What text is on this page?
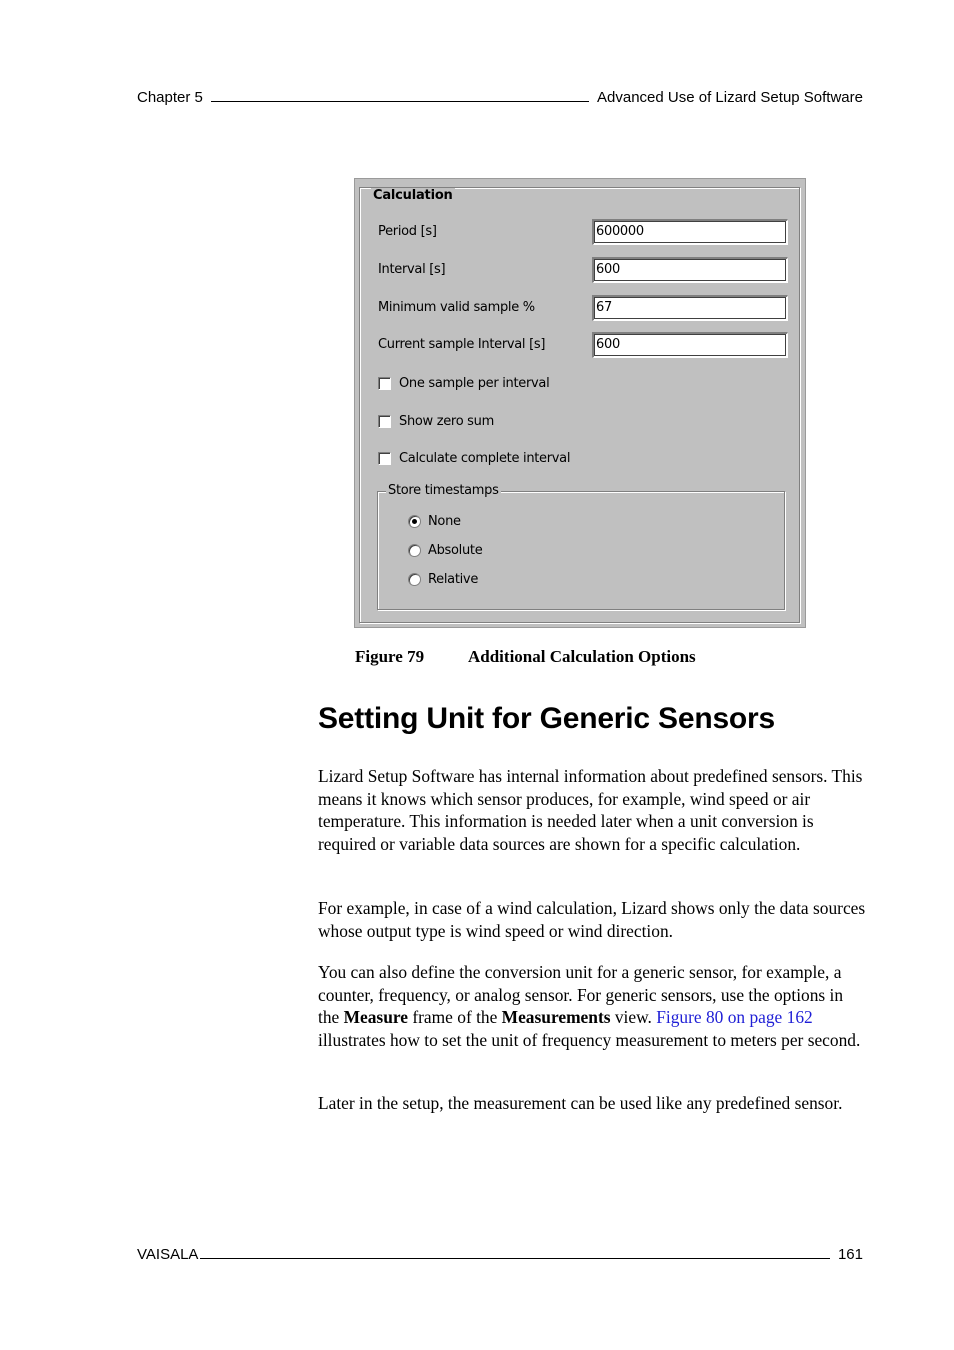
Chapter 5	Advanced Use of Lizard Setup Software
Calculation
Period [s]	600000
Interval [s]	600
Minimum valid sample %	67
Current sample Interval [s]	600
One sample per interval
Show zero sum
Calculate complete interval
Store timestamps
None
Absolute
Relative
Figure 79	Additional Calculation Options
Setting Unit for Generic Sensors

Lizard Setup Software has internal information about predefined sensors. This means it knows which sensor produces, for example, wind speed or air temperature. This information is needed later when a unit conversion is required or variable data sources are shown for a specific calculation.

For example, in case of a wind calculation, Lizard shows only the data sources whose output type is wind speed or wind direction.

You can also define the conversion unit for a generic sensor, for example, a counter, frequency, or analog sensor. For generic sensors, use the options in the Measure frame of the Measurements view. Figure 80 on page 162 illustrates how to set the unit of frequency measurement to meters per second.

Later in the setup, the measurement can be used like any predefined sensor.

VAISALA	161
